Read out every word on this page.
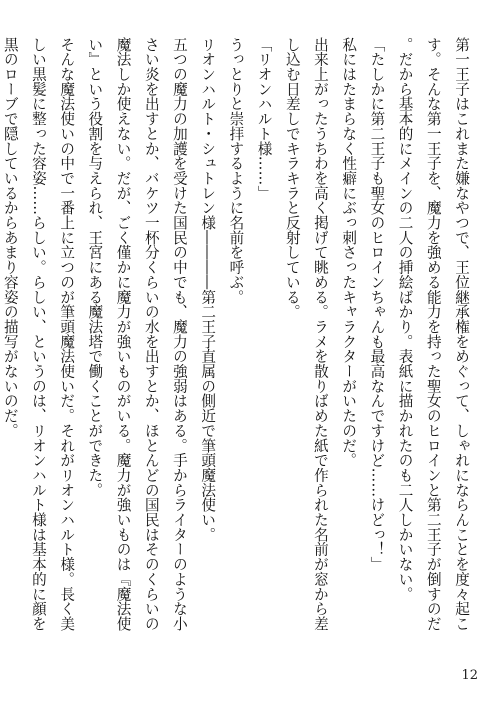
第一王子はこれまた嫌なやつで、王位継承権をめぐって、しゃれにならんことを度々起こす。そんな第一王子を、魔力を強める能力を持った聖女のヒロインと第二王子が倒すのだ。だから基本的にメインの二人の挿絵ばかり。表紙に描かれたのも二人しかいない。

「たしかに第二王子も聖女のヒロインちゃんも最高なんですけど……けどっ！」

私にはたまらなく性癖にぶっ刺さったキャラクターがいたのだ。

出来上がったうちわを高く掲げて眺める。ラメを散りばめた紙で作られた名前が窓から差し込む日差しでキラキラと反射している。

「リオンハルト様……」

うっとりと崇拝するように名前を呼ぶ。

リオンハルト・シュトレン様――――第二王子直属の側近で筆頭魔法使い。

五つの魔力の加護を受けた国民の中でも、魔力の強弱はある。手からライターのような小さい炎を出すとか、バケツ一杯分くらいの水を出すとか、ほとんどの国民はそのくらいの魔法しか使えない。だが、ごく僅かに魔力が強いものがいる。魔力が強いものは『魔法使い』という役割を与えられ、王宮にある魔法塔で働くことができた。

そんな魔法使いの中で一番上に立つのが筆頭魔法使いだ。それがリオンハルト様。長く美しい黒髪に整った容姿……らしい。らしい、というのは、リオンハルト様は基本的に顔を黒のローブで隠しているからあまり容姿の描写がないのだ。

12
